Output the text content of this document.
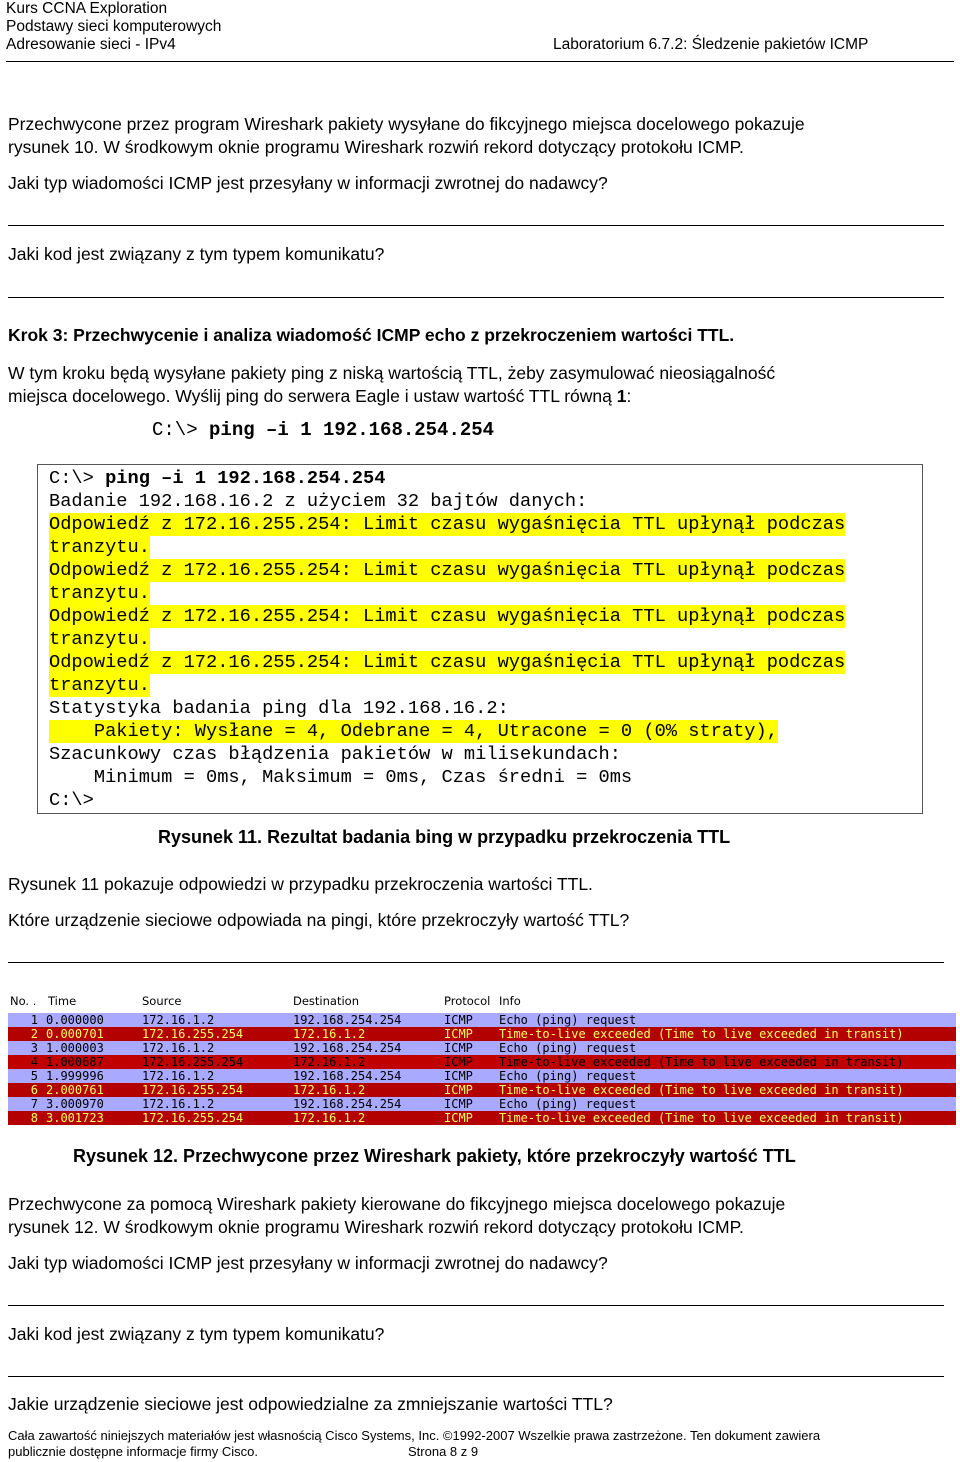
Kurs CCNA Exploration
Podstawy sieci komputerowych
Adresowanie sieci - IPv4	Laboratorium 6.7.2: Śledzenie pakietów ICMP
Przechwycone przez program Wireshark pakiety wysyłane do fikcyjnego miejsca docelowego pokazuje
rysunek 10. W środkowym oknie programu Wireshark rozwiń rekord dotyczący protokołu ICMP.
Jaki typ wiadomości ICMP jest przesyłany w informacji zwrotnej do nadawcy?
Jaki kod jest związany z tym typem komunikatu?
Krok 3: Przechwycenie i analiza wiadomość ICMP echo z przekroczeniem wartości TTL.
W tym kroku będą wysyłane pakiety ping z niską wartością TTL, żeby zasymulować nieosiągalność
miejsca docelowego. Wyślij ping do serwera Eagle i ustaw wartość TTL równą 1:
C:\> ping –i 1 192.168.254.254
C:\> ping –i 1 192.168.254.254
Badanie 192.168.16.2 z użyciem 32 bajtów danych:
Odpowiedź z 172.16.255.254: Limit czasu wygaśnięcia TTL upłynął podczas
tranzytu.
Odpowiedź z 172.16.255.254: Limit czasu wygaśnięcia TTL upłynął podczas
tranzytu.
Odpowiedź z 172.16.255.254: Limit czasu wygaśnięcia TTL upłynął podczas
tranzytu.
Odpowiedź z 172.16.255.254: Limit czasu wygaśnięcia TTL upłynął podczas
tranzytu.
Statystyka badania ping dla 192.168.16.2:
Pakiety: Wysłane = 4, Odebrane = 4, Utracone = 0 (0% straty),
Szacunkowy czas błądzenia pakietów w milisekundach:
Minimum = 0ms, Maksimum = 0ms, Czas średni = 0ms
C:\>
Rysunek 11. Rezultat badania bing w przypadku przekroczenia TTL
Rysunek 11 pokazuje odpowiedzi w przypadku przekroczenia wartości TTL.
Które urządzenie sieciowe odpowiada na pingi, które przekroczyły wartość TTL?
No. . Time	Source	Destination	Protocol Info
1 0.000000	172.16.1.2	192.168.254.254	ICMP Echo (ping) request
2 0.000701	172.16.255.254	172.16.1.2	ICMP Time-to-live exceeded (Time to live exceeded in transit)
3 1.000003	172.16.1.2	192.168.254.254	ICMP Echo (ping) request
4 1.000687	172.16.255.254	172.16.1.2	ICMP Time-to-live exceeded (Time to live exceeded in transit)
5 1.999996	172.16.1.2	192.168.254.254	ICMP Echo (ping) request
6 2.000761	172.16.255.254	172.16.1.2	ICMP Time-to-live exceeded (Time to live exceeded in transit)
7 3.000970	172.16.1.2	192.168.254.254	ICMP Echo (ping) request
8 3.001723	172.16.255.254	172.16.1.2	ICMP Time-to-live exceeded (Time to live exceeded in transit)
Rysunek 12. Przechwycone przez Wireshark pakiety, które przekroczyły wartość TTL
Przechwycone za pomocą Wireshark pakiety kierowane do fikcyjnego miejsca docelowego pokazuje
rysunek 12. W środkowym oknie programu Wireshark rozwiń rekord dotyczący protokołu ICMP.
Jaki typ wiadomości ICMP jest przesyłany w informacji zwrotnej do nadawcy?
Jaki kod jest związany z tym typem komunikatu?
Jakie urządzenie sieciowe jest odpowiedzialne za zmniejszanie wartości TTL?
Cała zawartość niniejszych materiałów jest własnością Cisco Systems, Inc. ©1992-2007 Wszelkie prawa zastrzeżone. Ten dokument zawiera
publicznie dostępne informacje firmy Cisco.	Strona 8 z 9
